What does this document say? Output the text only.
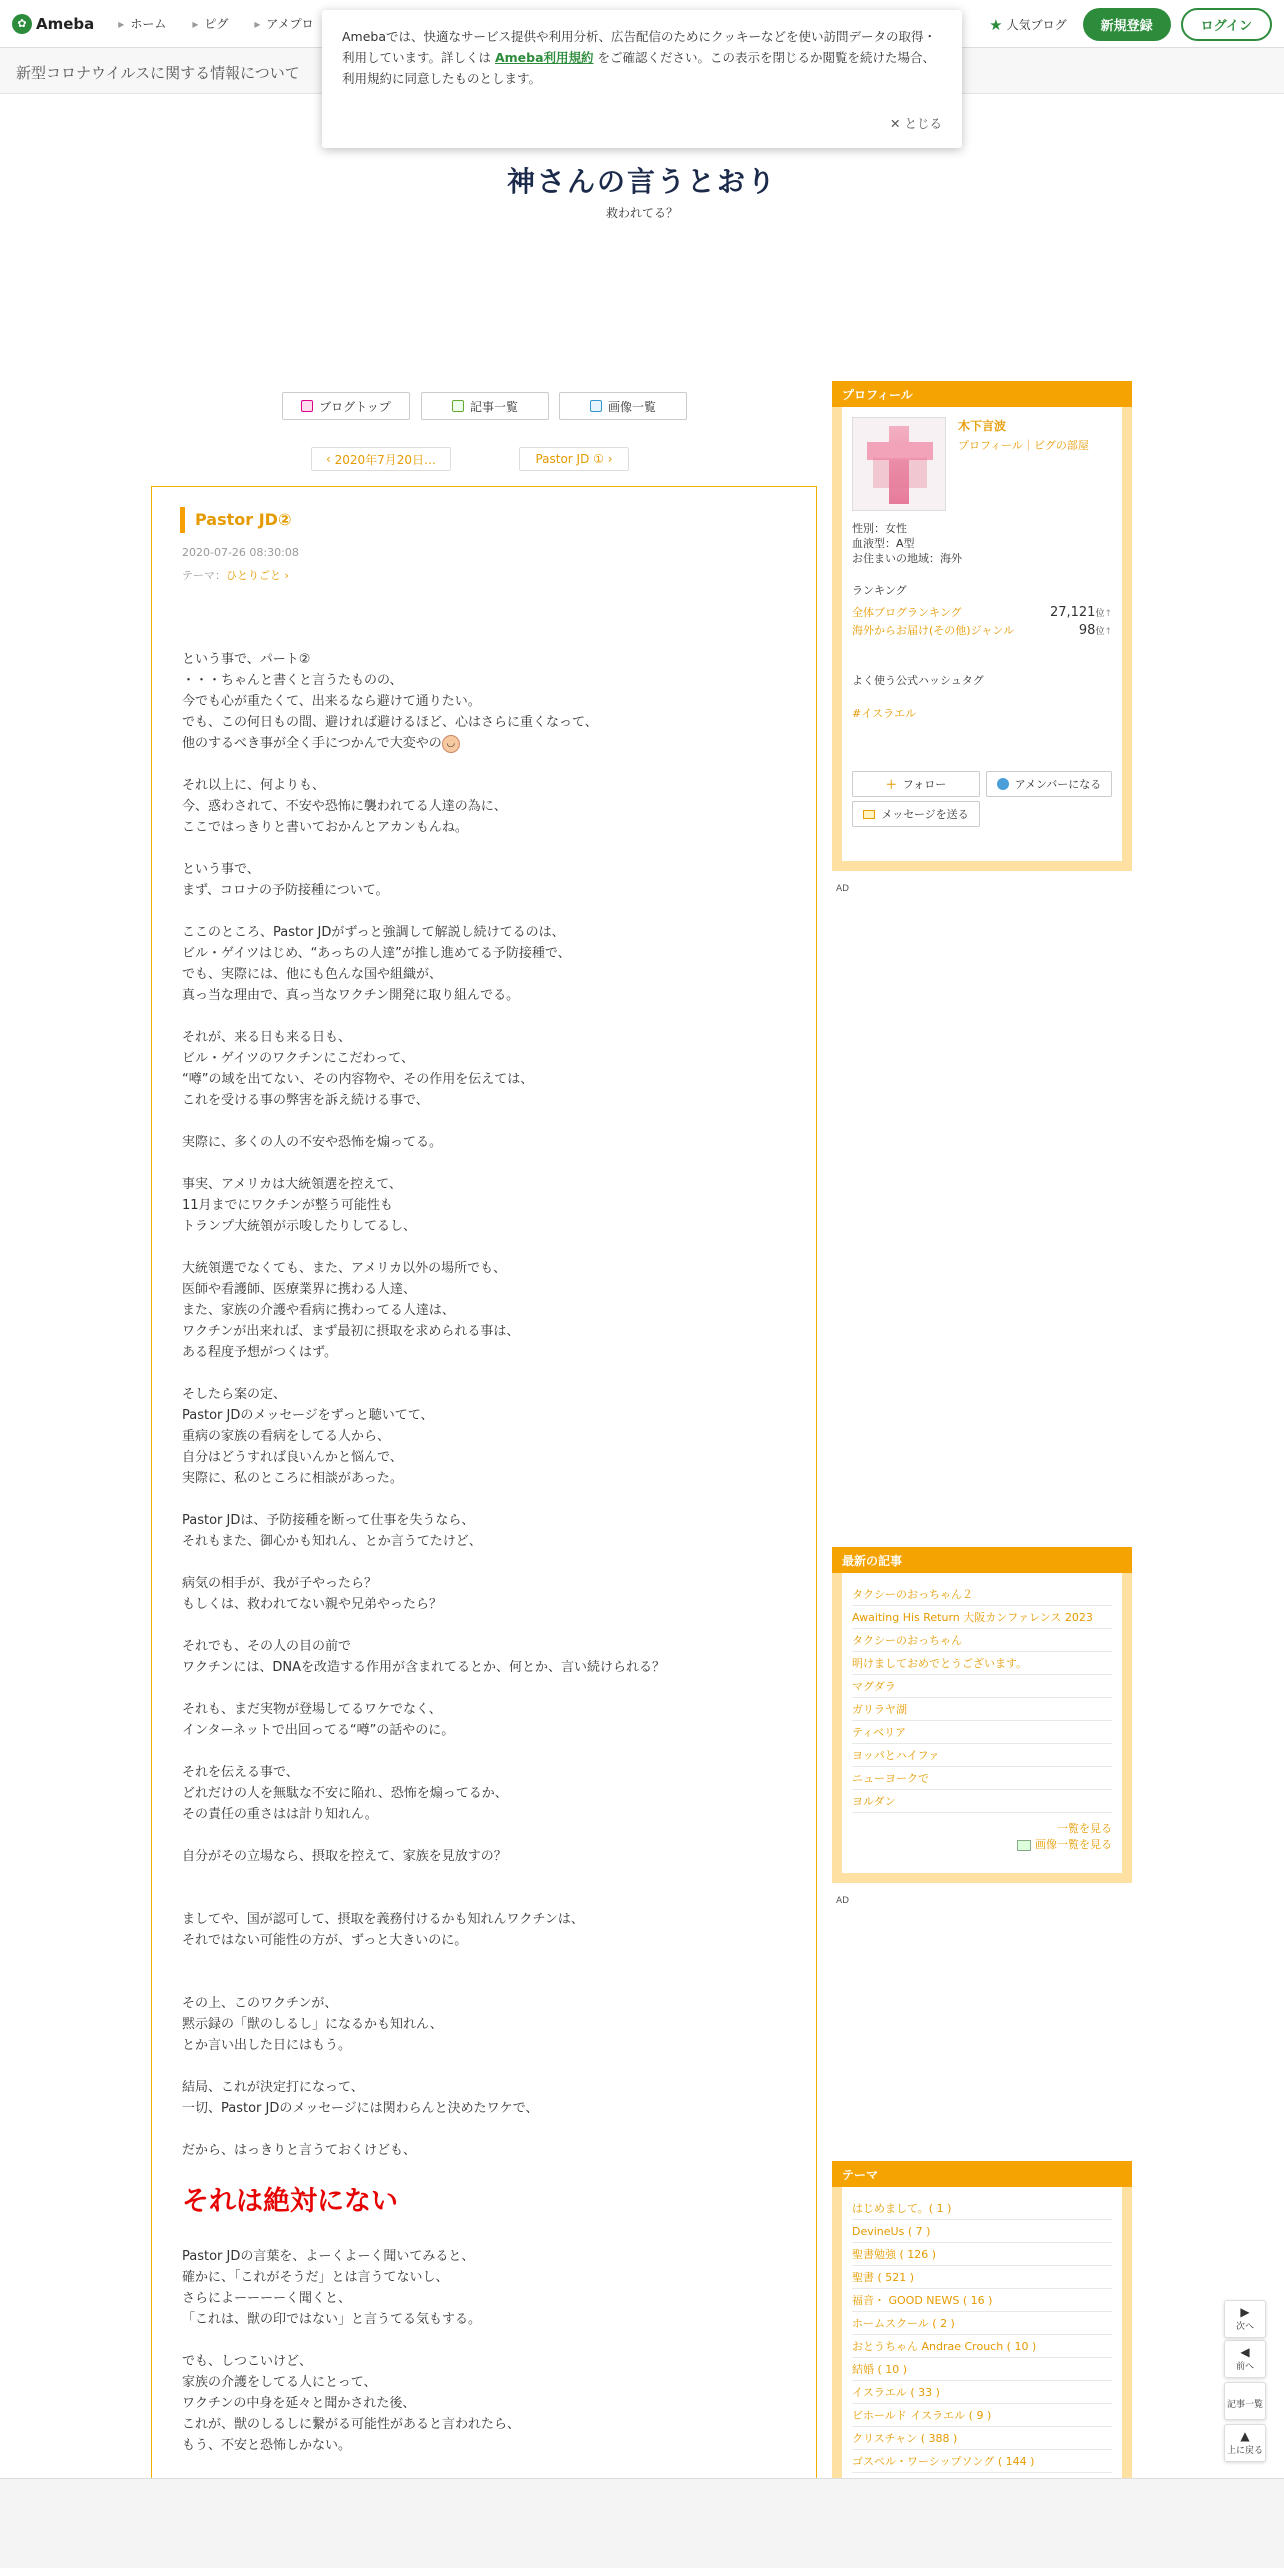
✿ Ameba	▸ ホーム	▸ ピグ	▸ アメプロ	★ 人気ブログ	新規登録	ログイン
新型コロナウイルスに関する情報について
Amebaでは、快適なサービス提供や利用分析、広告配信のためにクッキーなどを使い訪問データの取得・利用しています。詳しくは Ameba利用規約 をご確認ください。この表示を閉じるか閲覧を続けた場合、利用規約に同意したものとします。
✕ とじる
神さんの言うとおり
救われてる？
ブログトップ	記事一覧	画像一覧
‹ 2020年7月20日…	Pastor JD ① ›
Pastor JD②
2020-07-26 08:30:08
テーマ：ひとりごと ›

という事で、パート②
・・・ちゃんと書くと言うたものの、
今でも心が重たくて、出来るなら避けて通りたい。
でも、この何日もの間、避ければ避けるほど、心はさらに重くなって、
他のするべき事が全く手につかんで大変やの ◡

それ以上に、何よりも、
今、惑わされて、不安や恐怖に襲われてる人達の為に、
ここではっきりと書いておかんとアカンもんね。

という事で、
まず、コロナの予防接種について。

ここのところ、Pastor JDがずっと強調して解説し続けてるのは、
ビル・ゲイツはじめ、“あっちの人達”が推し進めてる予防接種で、
でも、実際には、他にも色んな国や組織が、
真っ当な理由で、真っ当なワクチン開発に取り組んでる。

それが、来る日も来る日も、
ビル・ゲイツのワクチンにこだわって、
“噂”の域を出てない、その内容物や、その作用を伝えては、
これを受ける事の弊害を訴え続ける事で、

実際に、多くの人の不安や恐怖を煽ってる。

事実、アメリカは大統領選を控えて、
11月までにワクチンが整う可能性も
トランプ大統領が示唆したりしてるし、

大統領選でなくても、また、アメリカ以外の場所でも、
医師や看護師、医療業界に携わる人達、
また、家族の介護や看病に携わってる人達は、
ワクチンが出来れば、まず最初に摂取を求められる事は、
ある程度予想がつくはず。

そしたら案の定、
Pastor JDのメッセージをずっと聴いてて、
重病の家族の看病をしてる人から、
自分はどうすれば良いんかと悩んで、
実際に、私のところに相談があった。

Pastor JDは、予防接種を断って仕事を失うなら、
それもまた、御心かも知れん、とか言うてたけど、

病気の相手が、我が子やったら？
もしくは、救われてない親や兄弟やったら？

それでも、その人の目の前で
ワクチンには、DNAを改造する作用が含まれてるとか、何とか、言い続けられる？

それも、まだ実物が登場してるワケでなく、
インターネットで出回ってる“噂”の話やのに。

それを伝える事で、
どれだけの人を無駄な不安に陥れ、恐怖を煽ってるか、
その責任の重さはは計り知れん。

自分がその立場なら、摂取を控えて、家族を見放すの？

ましてや、国が認可して、摂取を義務付けるかも知れんワクチンは、
それではない可能性の方が、ずっと大きいのに。

その上、このワクチンが、
黙示録の「獣のしるし」になるかも知れん、
とか言い出した日にはもう。

結局、これが決定打になって、
一切、Pastor JDのメッセージには関わらんと決めたワケで、

だから、はっきりと言うておくけども、

それは絶対にない

Pastor JDの言葉を、よーくよーく聞いてみると、
確かに、「これがそうだ」とは言うてないし、
さらによーーーーく聞くと、
「これは、獣の印ではない」と言うてる気もする。

でも、しつこいけど、
家族の介護をしてる人にとって、
ワクチンの中身を延々と聞かされた後、
これが、獣のしるしに繋がる可能性があると言われたら、
もう、不安と恐怖しかない。

プロフィール
木下言波
プロフィール｜ピグの部屋
性別：女性
血液型：A型
お住まいの地域：海外
ランキング
全体ブログランキング	27,121位↑
海外からお届け(その他)ジャンル	98位↑
よく使う公式ハッシュタグ
#イスラエル
＋ フォロー	アメンバーになる
メッセージを送る
AD
最新の記事
タクシーのおっちゃん２
Awaiting His Return 大阪カンファレンス 2023
タクシーのおっちゃん
明けましておめでとうございます。
マグダラ
ガリラヤ湖
ティベリア
ヨッパとハイファ
ニューヨークで
ヨルダン
一覧を見る
画像一覧を見る
AD
テーマ
はじめまして。( 1 )
DevineUs ( 7 )
聖書勉強 ( 126 )
聖書 ( 521 )
福音・ GOOD NEWS ( 16 )
ホームスクール ( 2 )
おとうちゃん Andrae Crouch ( 10 )
結婚 ( 10 )
イスラエル ( 33 )
ビホールド イスラエル ( 9 )
クリスチャン ( 388 )
ゴスペル・ワーシップソング ( 144 )
▶
次へ
◀
前へ
記事一覧
▲
上に戻る
